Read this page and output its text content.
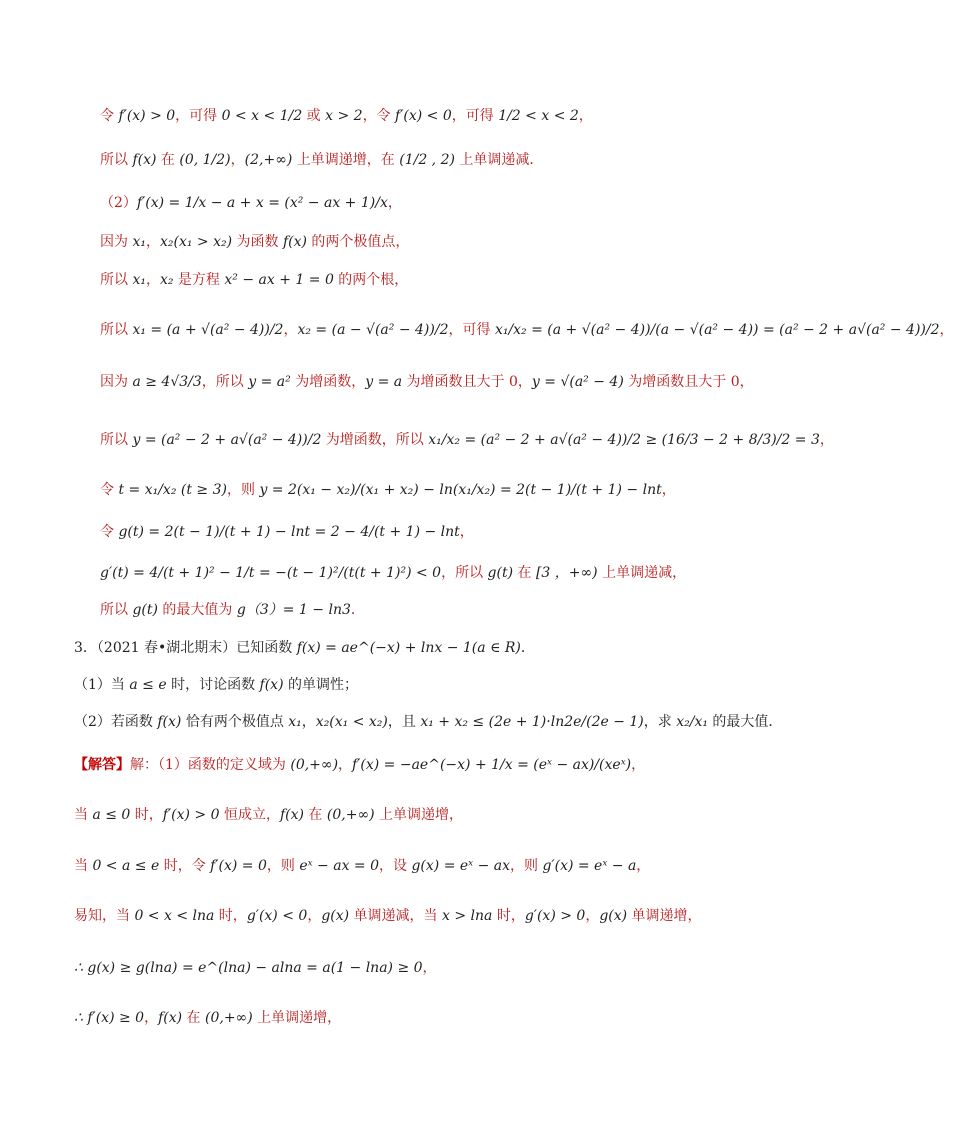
令 f′(x) > 0，可得 0 < x < 1/2 或 x > 2，令 f′(x) < 0，可得 1/2 < x < 2，
所以 f(x) 在 (0, 1/2)，(2,+∞) 上单调递增，在 (1/2 , 2) 上单调递减．
（2）f′(x) = 1/x − a + x = (x² − ax + 1)/x，
因为 x₁，x₂(x₁ > x₂) 为函数 f(x) 的两个极值点，
所以 x₁，x₂ 是方程 x² − ax + 1 = 0 的两个根，
所以 x₁ = (a + √(a² − 4))/2，x₂ = (a − √(a² − 4))/2，可得 x₁/x₂ = (a + √(a² − 4))/(a − √(a² − 4)) = (a² − 2 + a√(a² − 4))/2，
因为 a ≥ 4√3/3，所以 y = a² 为增函数，y = a 为增函数且大于 0，y = √(a² − 4) 为增函数且大于 0，
所以 y = (a² − 2 + a√(a² − 4))/2 为增函数，所以 x₁/x₂ = (a² − 2 + a√(a² − 4))/2 ≥ (16/3 − 2 + 8/3)/2 = 3，
令 t = x₁/x₂ (t ≥ 3)，则 y = 2(x₁ − x₂)/(x₁ + x₂) − ln(x₁/x₂) = 2(t − 1)/(t + 1) − lnt，
令 g(t) = 2(t − 1)/(t + 1) − lnt = 2 − 4/(t + 1) − lnt，
g′(t) = 4/(t + 1)² − 1/t = −(t − 1)²/(t(t + 1)²) < 0，所以 g(t) 在 [3 ，+∞) 上单调递减，
所以 g(t) 的最大值为 g（3）= 1 − ln3．
3．（2021 春•湖北期末）已知函数 f(x) = ae^(−x) + lnx − 1(a ∈ R)．
（1）当 a ≤ e 时，讨论函数 f(x) 的单调性；
（2）若函数 f(x) 恰有两个极值点 x₁，x₂(x₁ < x₂)，且 x₁ + x₂ ≤ (2e + 1)·ln2e/(2e − 1)，求 x₂/x₁ 的最大值．
【解答】解：（1）函数的定义域为 (0,+∞)，f′(x) = −ae^(−x) + 1/x = (eˣ − ax)/(xeˣ)，
当 a ≤ 0 时，f′(x) > 0 恒成立，f(x) 在 (0,+∞) 上单调递增，
当 0 < a ≤ e 时，令 f′(x) = 0，则 eˣ − ax = 0，设 g(x) = eˣ − ax，则 g′(x) = eˣ − a，
易知，当 0 < x < lna 时，g′(x) < 0，g(x) 单调递减，当 x > lna 时，g′(x) > 0，g(x) 单调递增，
∴ g(x) ≥ g(lna) = e^(lna) − alna = a(1 − lna) ≥ 0，
∴ f′(x) ≥ 0，f(x) 在 (0,+∞) 上单调递增，
